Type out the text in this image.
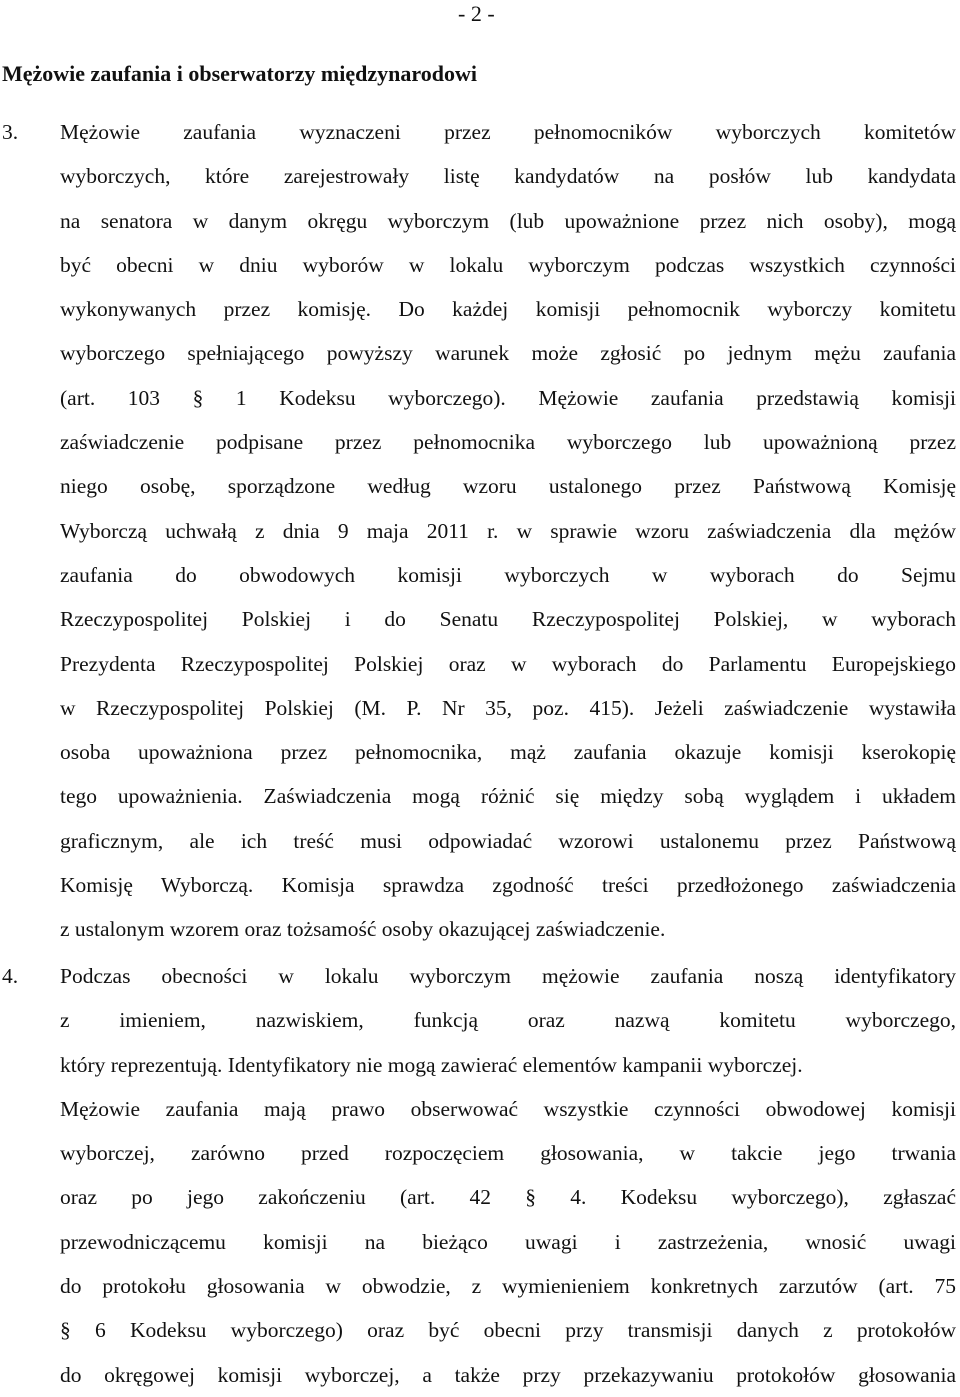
- 2 -
Mężowie zaufania i obserwatorzy międzynarodowi
3. Mężowie zaufania wyznaczeni przez pełnomocników wyborczych komitetów
wyborczych, które zarejestrowały listę kandydatów na posłów lub kandydata
na senatora w danym okręgu wyborczym (lub upoważnione przez nich osoby), mogą
być obecni w dniu wyborów w lokalu wyborczym podczas wszystkich czynności
wykonywanych przez komisję. Do każdej komisji pełnomocnik wyborczy komitetu
wyborczego spełniającego powyższy warunek może zgłosić po jednym mężu zaufania
(art. 103 § 1 Kodeksu wyborczego). Mężowie zaufania przedstawią komisji
zaświadczenie podpisane przez pełnomocnika wyborczego lub upoważnioną przez
niego osobę, sporządzone według wzoru ustalonego przez Państwową Komisję
Wyborczą uchwałą z dnia 9 maja 2011 r. w sprawie wzoru zaświadczenia dla mężów
zaufania do obwodowych komisji wyborczych w wyborach do Sejmu
Rzeczypospolitej Polskiej i do Senatu Rzeczypospolitej Polskiej, w wyborach
Prezydenta Rzeczypospolitej Polskiej oraz w wyborach do Parlamentu Europejskiego
w Rzeczypospolitej Polskiej (M. P. Nr 35, poz. 415). Jeżeli zaświadczenie wystawiła
osoba upoważniona przez pełnomocnika, mąż zaufania okazuje komisji kserokopię
tego upoważnienia. Zaświadczenia mogą różnić się między sobą wyglądem i układem
graficznym, ale ich treść musi odpowiadać wzorowi ustalonemu przez Państwową
Komisję Wyborczą. Komisja sprawdza zgodność treści przedłożonego zaświadczenia
z ustalonym wzorem oraz tożsamość osoby okazującej zaświadczenie.
4. Podczas obecności w lokalu wyborczym mężowie zaufania noszą identyfikatory
z imieniem, nazwiskiem, funkcją oraz nazwą komitetu wyborczego,
który reprezentują. Identyfikatory nie mogą zawierać elementów kampanii wyborczej.
Mężowie zaufania mają prawo obserwować wszystkie czynności obwodowej komisji
wyborczej, zarówno przed rozpoczęciem głosowania, w takcie jego trwania
oraz po jego zakończeniu (art. 42 § 4. Kodeksu wyborczego), zgłaszać
przewodniczącemu komisji na bieżąco uwagi i zastrzeżenia, wnosić uwagi
do protokołu głosowania w obwodzie, z wymienieniem konkretnych zarzutów (art. 75
§ 6 Kodeksu wyborczego) oraz być obecni przy transmisji danych z protokołów
do okręgowej komisji wyborczej, a także przy przekazywaniu protokołów głosowania
